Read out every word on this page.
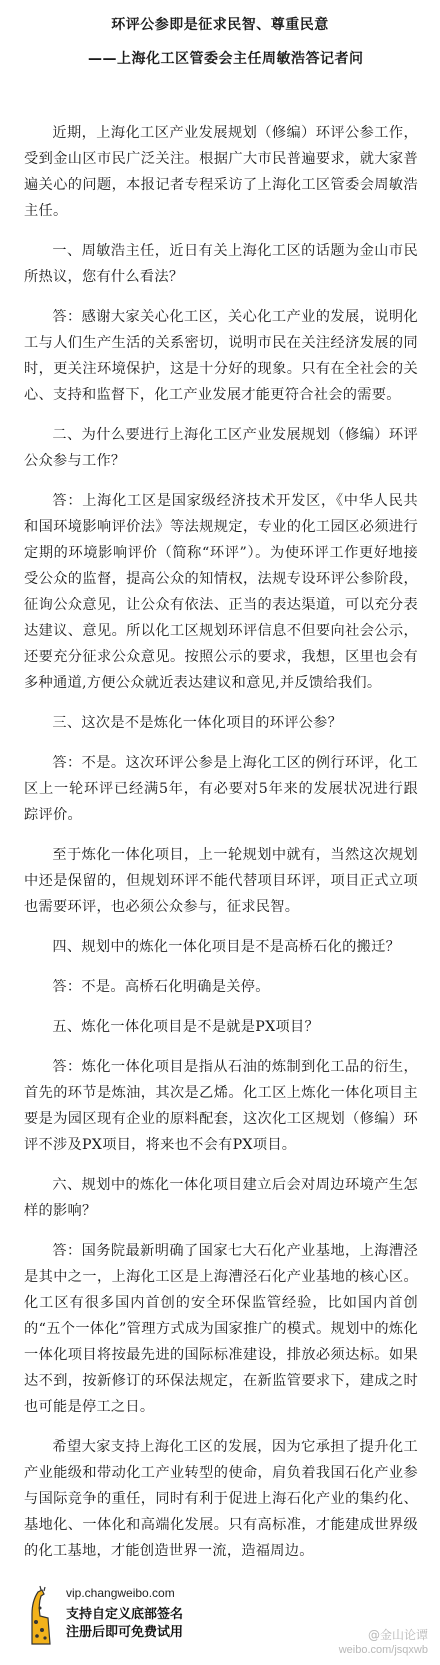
环评公参即是征求民智、尊重民意
——上海化工区管委会主任周敏浩答记者问

近期，上海化工区产业发展规划（修编）环评公参工作，受到金山区市民广泛关注。根据广大市民普遍要求，就大家普遍关心的问题，本报记者专程采访了上海化工区管委会周敏浩主任。

一、周敏浩主任，近日有关上海化工区的话题为金山市民所热议，您有什么看法？

答：感谢大家关心化工区，关心化工产业的发展，说明化工与人们生产生活的关系密切，说明市民在关注经济发展的同时，更关注环境保护，这是十分好的现象。只有在全社会的关心、支持和监督下，化工产业发展才能更符合社会的需要。

二、为什么要进行上海化工区产业发展规划（修编）环评公众参与工作？

答：上海化工区是国家级经济技术开发区，《中华人民共和国环境影响评价法》等法规规定，专业的化工园区必须进行定期的环境影响评价（简称“环评”）。为使环评工作更好地接受公众的监督，提高公众的知情权，法规专设环评公参阶段，征询公众意见，让公众有依法、正当的表达渠道，可以充分表达建议、意见。所以化工区规划环评信息不但要向社会公示，还要充分征求公众意见。按照公示的要求，我想，区里也会有多种通道,方便公众就近表达建议和意见,并反馈给我们。

三、这次是不是炼化一体化项目的环评公参？

答：不是。这次环评公参是上海化工区的例行环评，化工区上一轮环评已经满5年，有必要对5年来的发展状况进行跟踪评价。

至于炼化一体化项目，上一轮规划中就有，当然这次规划中还是保留的，但规划环评不能代替项目环评，项目正式立项也需要环评，也必须公众参与，征求民智。

四、规划中的炼化一体化项目是不是高桥石化的搬迁？

答：不是。高桥石化明确是关停。

五、炼化一体化项目是不是就是PX项目？

答：炼化一体化项目是指从石油的炼制到化工品的衍生，首先的环节是炼油，其次是乙烯。化工区上炼化一体化项目主要是为园区现有企业的原料配套，这次化工区规划（修编）环评不涉及PX项目，将来也不会有PX项目。

六、规划中的炼化一体化项目建立后会对周边环境产生怎样的影响？

答：国务院最新明确了国家七大石化产业基地，上海漕泾是其中之一，上海化工区是上海漕泾石化产业基地的核心区。化工区有很多国内首创的安全环保监管经验，比如国内首创的“五个一体化”管理方式成为国家推广的模式。规划中的炼化一体化项目将按最先进的国际标准建设，排放必须达标。如果达不到，按新修订的环保法规定，在新监管要求下，建成之时也可能是停工之日。

希望大家支持上海化工区的发展，因为它承担了提升化工产业能级和带动化工产业转型的使命，肩负着我国石化产业参与国际竞争的重任，同时有利于促进上海石化产业的集约化、基地化、一体化和高端化发展。只有高标准，才能建成世界级的化工基地，才能创造世界一流，造福周边。

vip.changweibo.com
支持自定义底部签名
注册后即可免费试用	@金山论谭
weibo.com/jsqxwb
